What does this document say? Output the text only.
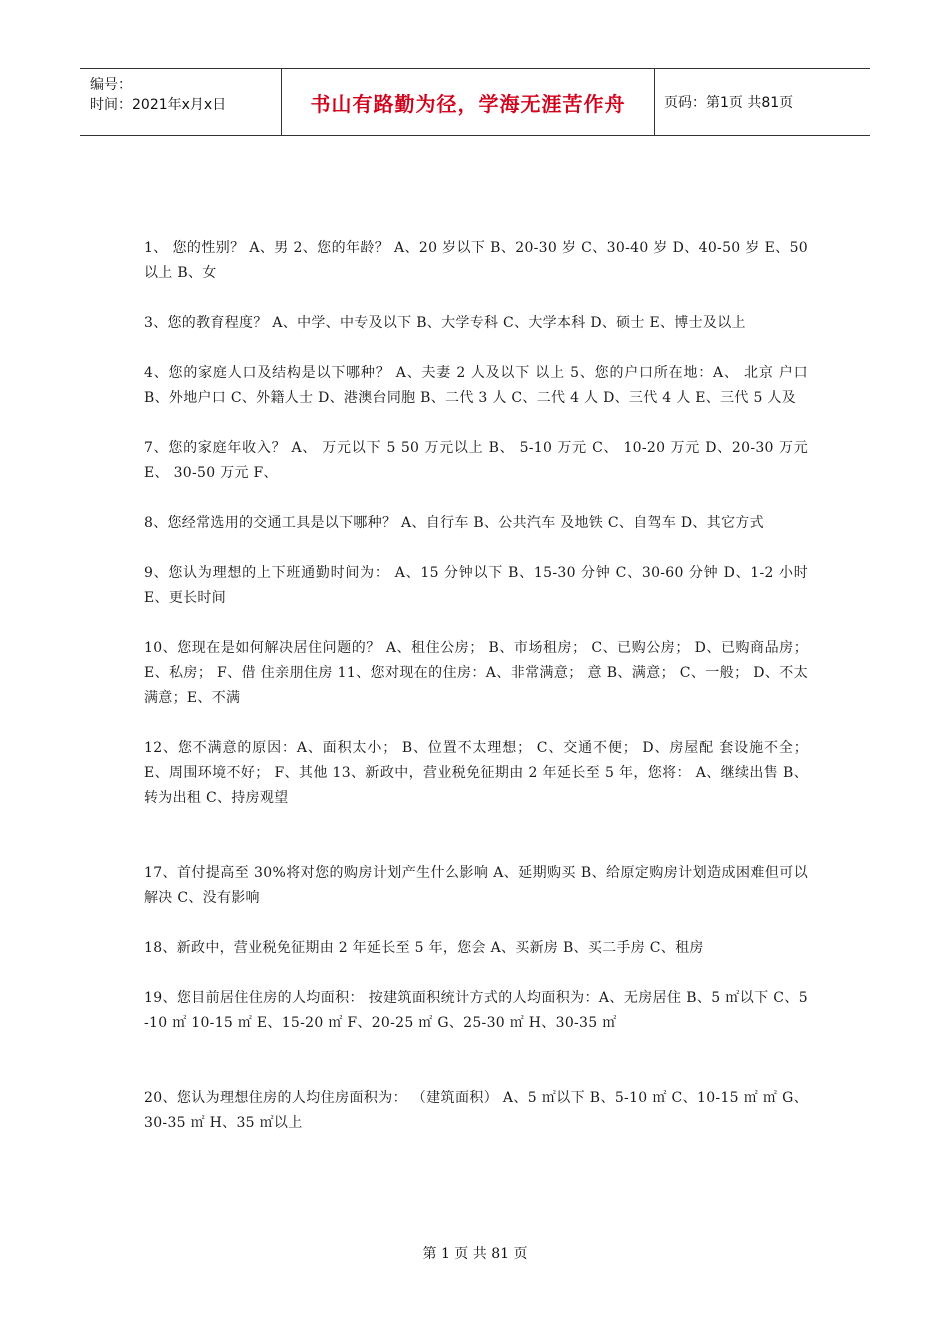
编号：
时间：2021年x月x日	书山有路勤为径，学海无涯苦作舟	页码：第1页 共81页

1、 您的性别？ A、男 2、您的年龄？ A、20 岁以下 B、20-30 岁 C、30-40 岁 D、40-50 岁 E、50 以上 B、女

3、您的教育程度？ A、中学、中专及以下 B、大学专科 C、大学本科 D、硕士 E、博士及以上

4、您的家庭人口及结构是以下哪种？ A、夫妻 2 人及以下 以上 5、您的户口所在地：A、 北京 户口 B、外地户口 C、外籍人士 D、港澳台同胞 B、二代 3 人 C、二代 4 人 D、三代 4 人 E、三代 5 人及

7、您的家庭年收入？ A、 万元以下 5 50 万元以上 B、 5-10 万元 C、 10-20 万元 D、20-30 万元 E、 30-50 万元 F、

8、您经常选用的交通工具是以下哪种？ A、自行车 B、公共汽车 及地铁 C、自驾车 D、其它方式

9、您认为理想的上下班通勤时间为： A、15 分钟以下 B、15-30 分钟 C、30-60 分钟 D、1-2 小时 E、更长时间

10、您现在是如何解决居住问题的？ A、租住公房； B、市场租房； C、已购公房； D、已购商品房； E、私房； F、借 住亲朋住房 11、您对现在的住房：A、非常满意； 意 B、满意； C、一般； D、不太满意；E、不满

12、您不满意的原因：A、面积太小； B、位置不太理想； C、交通不便； D、房屋配 套设施不全； E、周围环境不好； F、其他 13、新政中，营业税免征期由 2 年延长至 5 年，您将： A、继续出售 B、转为出租 C、持房观望

17、首付提高至 30%将对您的购房计划产生什么影响 A、延期购买 B、给原定购房计划造成困难但可以解决 C、没有影响

18、新政中，营业税免征期由 2 年延长至 5 年，您会 A、买新房 B、买二手房 C、租房

19、您目前居住住房的人均面积： 按建筑面积统计方式的人均面积为：A、无房居住 B、5 ㎡以下 C、5-10 ㎡ 10-15 ㎡ E、15-20 ㎡ F、20-25 ㎡ G、25-30 ㎡ H、30-35 ㎡

20、您认为理想住房的人均住房面积为： （建筑面积） A、5 ㎡以下 B、5-10 ㎡ C、10-15 ㎡ ㎡ G、30-35 ㎡ H、35 ㎡以上

第 1 页 共 81 页
